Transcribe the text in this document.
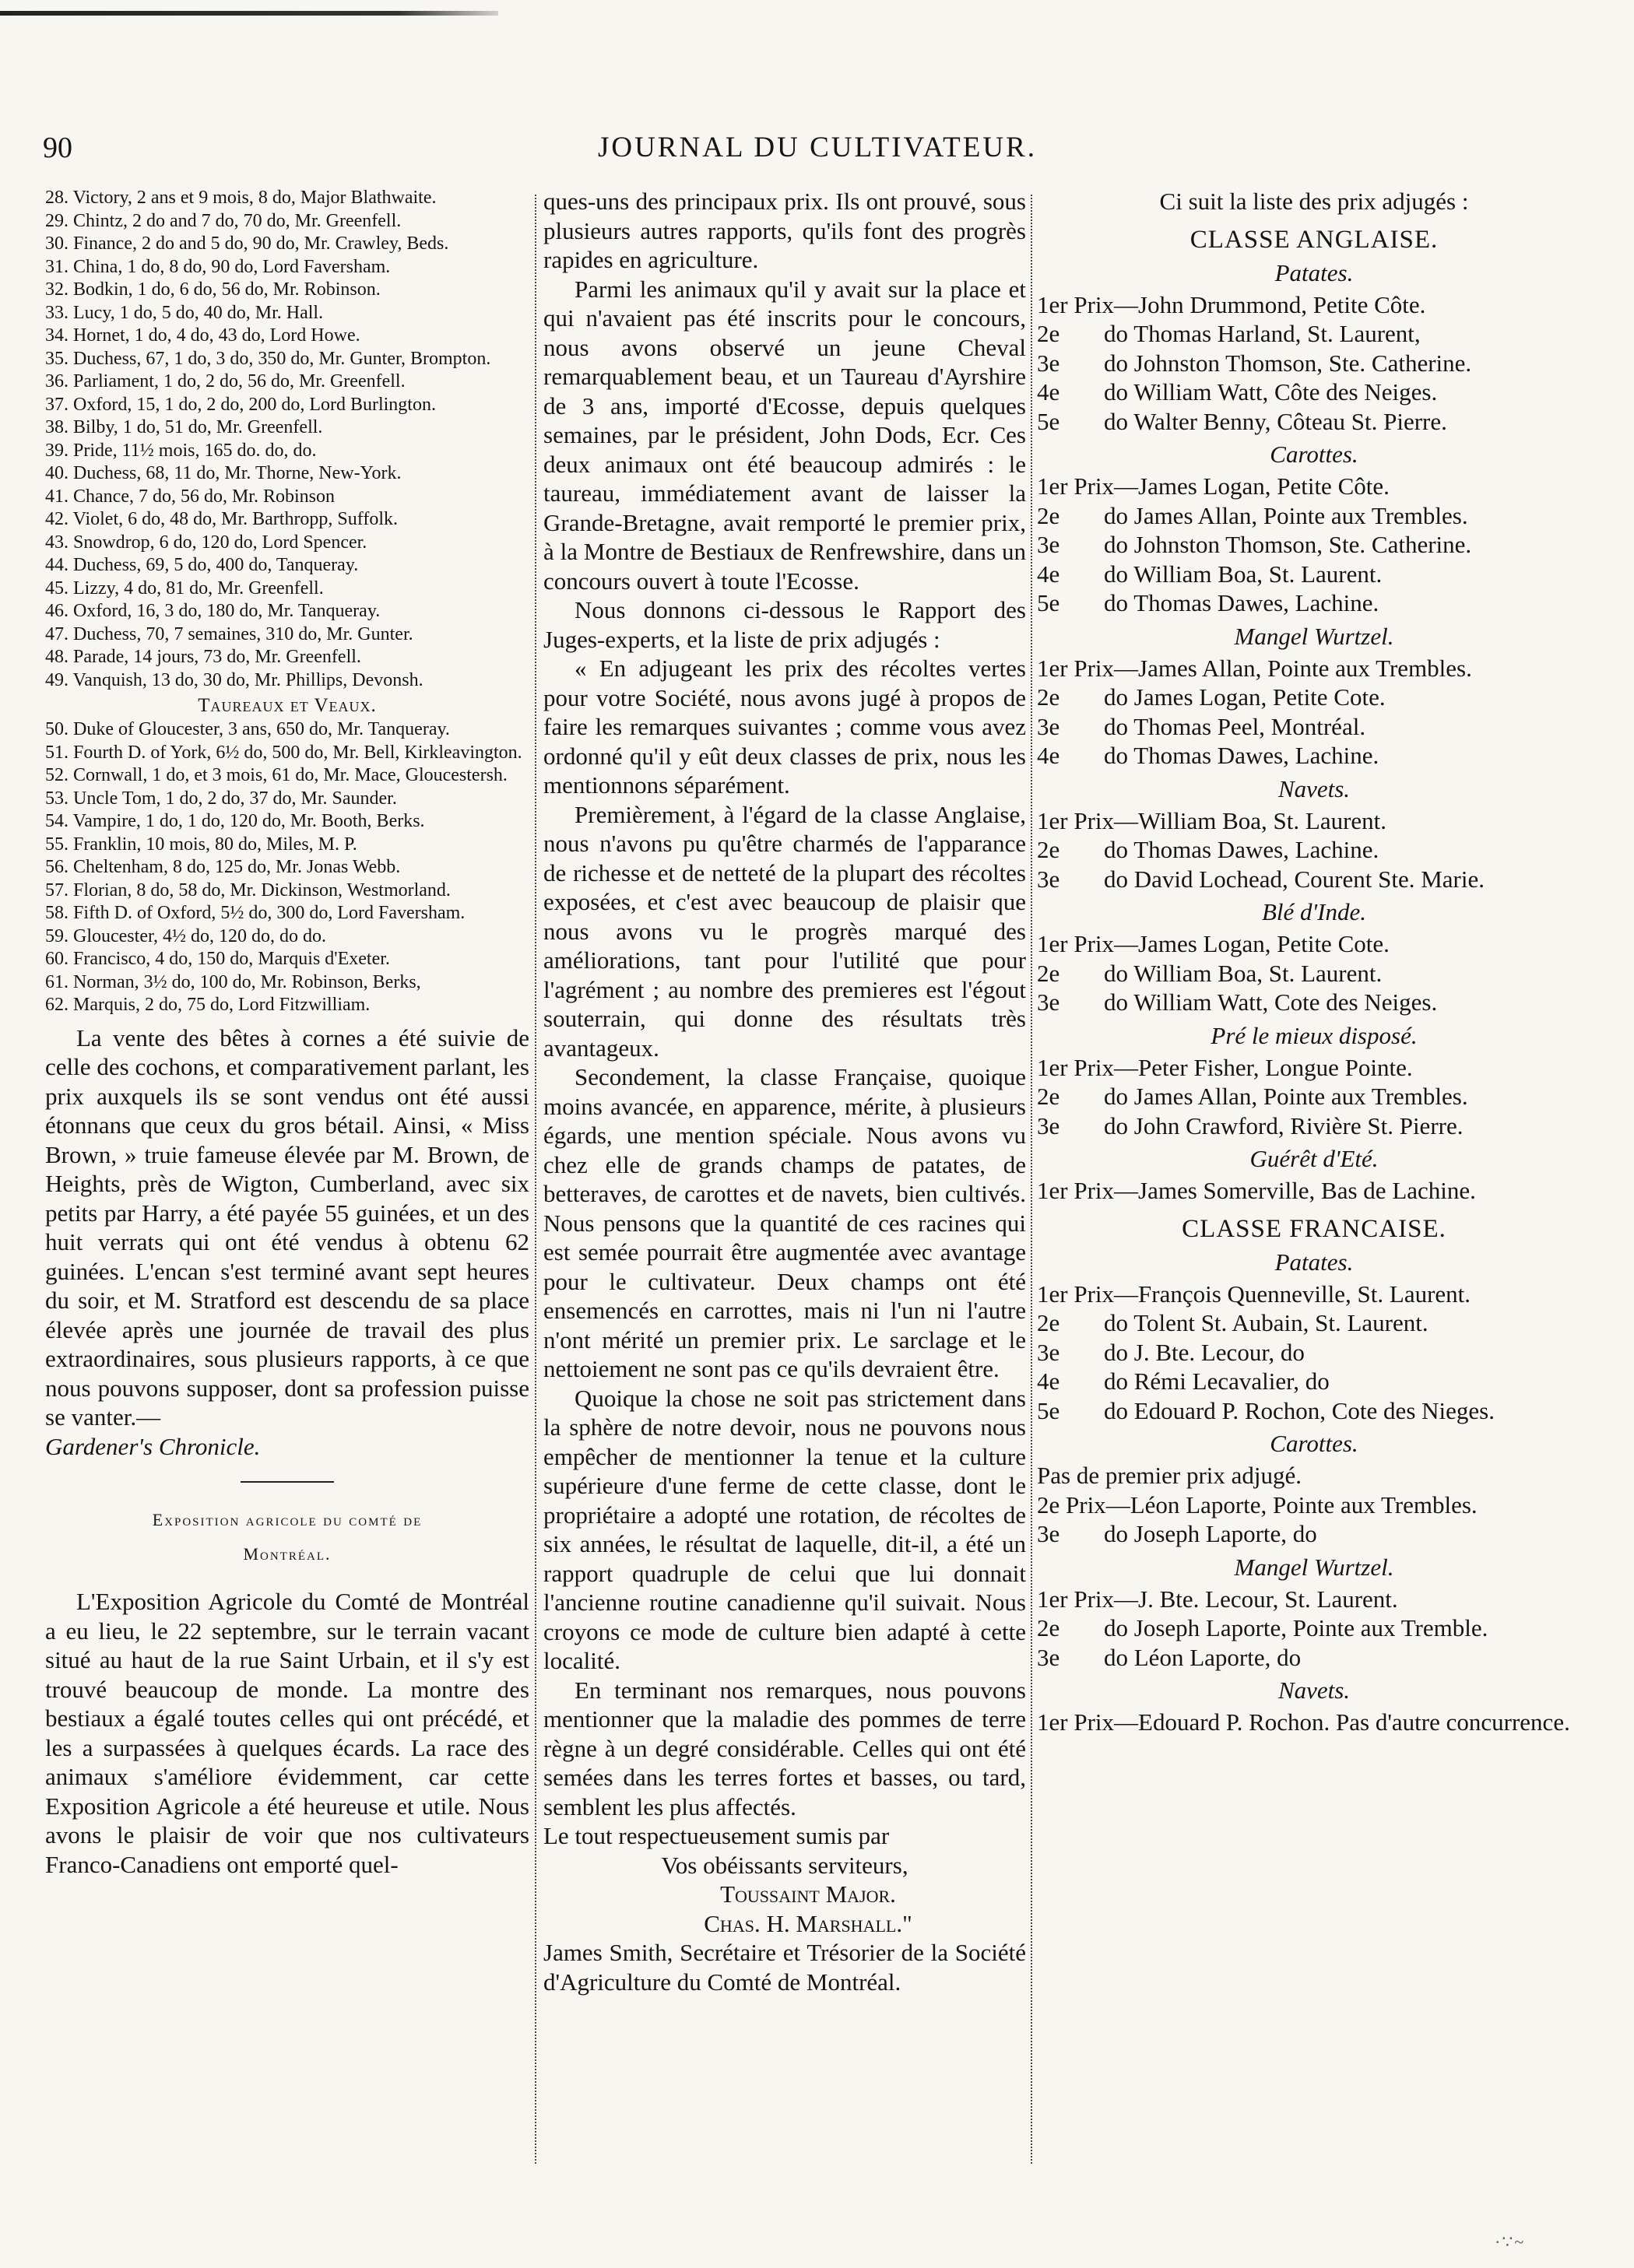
90	JOURNAL DU CULTIVATEUR.
28. Victory, 2 ans et 9 mois, 8 do, Major Blathwaite.
29. Chintz, 2 do and 7 do, 70 do, Mr. Greenfell.
30. Finance, 2 do and 5 do, 90 do, Mr. Crawley, Beds.
31. China, 1 do, 8 do, 90 do, Lord Faversham.
32. Bodkin, 1 do, 6 do, 56 do, Mr. Robinson.
33. Lucy, 1 do, 5 do, 40 do, Mr. Hall.
34. Hornet, 1 do, 4 do, 43 do, Lord Howe.
35. Duchess, 67, 1 do, 3 do, 350 do, Mr. Gunter, Brompton.
36. Parliament, 1 do, 2 do, 56 do, Mr. Greenfell.
37. Oxford, 15, 1 do, 2 do, 200 do, Lord Burlington.
38. Bilby, 1 do, 51 do, Mr. Greenfell.
39. Pride, 11½ mois, 165 do. do, do.
40. Duchess, 68, 11 do, Mr. Thorne, New-York.
41. Chance, 7 do, 56 do, Mr. Robinson
42. Violet, 6 do, 48 do, Mr. Barthropp, Suffolk.
43. Snowdrop, 6 do, 120 do, Lord Spencer.
44. Duchess, 69, 5 do, 400 do, Tanqueray.
45. Lizzy, 4 do, 81 do, Mr. Greenfell.
46. Oxford, 16, 3 do, 180 do, Mr. Tanqueray.
47. Duchess, 70, 7 semaines, 310 do, Mr. Gunter.
48. Parade, 14 jours, 73 do, Mr. Greenfell.
49. Vanquish, 13 do, 30 do, Mr. Phillips, Devonsh.
Taureaux et Veaux.
50. Duke of Gloucester, 3 ans, 650 do, Mr. Tanqueray.
51. Fourth D. of York, 6½ do, 500 do, Mr. Bell, Kirkleavington.
52. Cornwall, 1 do, et 3 mois, 61 do, Mr. Mace, Gloucestersh.
53. Uncle Tom, 1 do, 2 do, 37 do, Mr. Saunder.
54. Vampire, 1 do, 1 do, 120 do, Mr. Booth, Berks.
55. Franklin, 10 mois, 80 do, Miles, M. P.
56. Cheltenham, 8 do, 125 do, Mr. Jonas Webb.
57. Florian, 8 do, 58 do, Mr. Dickinson, Westmorland.
58. Fifth D. of Oxford, 5½ do, 300 do, Lord Faversham.
59. Gloucester, 4½ do, 120 do, do do.
60. Francisco, 4 do, 150 do, Marquis d'Exeter.
61. Norman, 3½ do, 100 do, Mr. Robinson, Berks,
62. Marquis, 2 do, 75 do, Lord Fitzwilliam.

La vente des bêtes à cornes a été suivie de celle des cochons, et comparativement parlant, les prix auxquels ils se sont vendus ont été aussi étonnans que ceux du gros bétail. Ainsi, « Miss Brown, » truie fameuse élevée par M. Brown, de Heights, près de Wigton, Cumberland, avec six petits par Harry, a été payée 55 guinées, et un des huit verrats qui ont été vendus à obtenu 62 guinées. L'encan s'est terminé avant sept heures du soir, et M. Stratford est descendu de sa place élevée après une journée de travail des plus extraordinaires, sous plusieurs rapports, à ce que nous pouvons supposer, dont sa profession puisse se vanter.—

Gardener's Chronicle.

Exposition agricole du comté de
Montréal.

L'Exposition Agricole du Comté de Montréal a eu lieu, le 22 septembre, sur le terrain vacant situé au haut de la rue Saint Urbain, et il s'y est trouvé beaucoup de monde. La montre des bestiaux a égalé toutes celles qui ont précédé, et les a surpassées à quelques écards. La race des animaux s'améliore évidemment, car cette Exposition Agricole a été heureuse et utile. Nous avons le plaisir de voir que nos cultivateurs Franco-Canadiens ont emporté quel-

ques-uns des principaux prix. Ils ont prouvé, sous plusieurs autres rapports, qu'ils font des progrès rapides en agriculture.

Parmi les animaux qu'il y avait sur la place et qui n'avaient pas été inscrits pour le concours, nous avons observé un jeune Cheval remarquablement beau, et un Taureau d'Ayrshire de 3 ans, importé d'Ecosse, depuis quelques semaines, par le président, John Dods, Ecr. Ces deux animaux ont été beaucoup admirés : le taureau, immédiatement avant de laisser la Grande-Bretagne, avait remporté le premier prix, à la Montre de Bestiaux de Renfrewshire, dans un concours ouvert à toute l'Ecosse.

Nous donnons ci-dessous le Rapport des Juges-experts, et la liste de prix adjugés :

« En adjugeant les prix des récoltes vertes pour votre Société, nous avons jugé à propos de faire les remarques suivantes ; comme vous avez ordonné qu'il y eût deux classes de prix, nous les mentionnons séparément.

Premièrement, à l'égard de la classe Anglaise, nous n'avons pu qu'être charmés de l'apparance de richesse et de netteté de la plupart des récoltes exposées, et c'est avec beaucoup de plaisir que nous avons vu le progrès marqué des améliorations, tant pour l'utilité que pour l'agrément ; au nombre des premieres est l'égout souterrain, qui donne des résultats très avantageux.

Secondement, la classe Française, quoique moins avancée, en apparence, mérite, à plusieurs égards, une mention spéciale. Nous avons vu chez elle de grands champs de patates, de betteraves, de carottes et de navets, bien cultivés. Nous pensons que la quantité de ces racines qui est semée pourrait être augmentée avec avantage pour le cultivateur. Deux champs ont été ensemencés en carrottes, mais ni l'un ni l'autre n'ont mérité un premier prix. Le sarclage et le nettoiement ne sont pas ce qu'ils devraient être.

Quoique la chose ne soit pas strictement dans la sphère de notre devoir, nous ne pouvons nous empêcher de mentionner la tenue et la culture supérieure d'une ferme de cette classe, dont le propriétaire a adopté une rotation, de récoltes de six années, le résultat de laquelle, dit-il, a été un rapport quadruple de celui que lui donnait l'ancienne routine canadienne qu'il suivait. Nous croyons ce mode de culture bien adapté à cette localité.

En terminant nos remarques, nous pouvons mentionner que la maladie des pommes de terre règne à un degré considérable. Celles qui ont été semées dans les terres fortes et basses, ou tard, semblent les plus affectés.

Le tout respectueusement sumis par

Vos obéissants serviteurs,
Toussaint Major.
Chas. H. Marshall."

James Smith, Secrétaire et Trésorier de la Société d'Agriculture du Comté de Montréal.

Ci suit la liste des prix adjugés :
CLASSE ANGLAISE.
Patates.
1er Prix —John Drummond, Petite Côte.
2e	do Thomas Harland, St. Laurent,
3e	do Johnston Thomson, Ste. Catherine.
4e	do William Watt, Côte des Neiges.
5e	do Walter Benny, Côteau St. Pierre.
Carottes.
1er Prix —James Logan, Petite Côte.
2e	do James Allan, Pointe aux Trembles.
3e	do Johnston Thomson, Ste. Catherine.
4e	do William Boa, St. Laurent.
5e	do Thomas Dawes, Lachine.
Mangel Wurtzel.
1er Prix —James Allan, Pointe aux Trembles.
2e	do James Logan, Petite Cote.
3e	do Thomas Peel, Montréal.
4e	do Thomas Dawes, Lachine.
Navets.
1er Prix —William Boa, St. Laurent.
2e	do Thomas Dawes, Lachine.
3e	do David Lochead, Courent Ste. Marie.
Blé d'Inde.
1er Prix —James Logan, Petite Cote.
2e	do William Boa, St. Laurent.
3e	do William Watt, Cote des Neiges.
Pré le mieux disposé.
1er Prix —Peter Fisher, Longue Pointe.
2e	do James Allan, Pointe aux Trembles.
3e	do John Crawford, Rivière St. Pierre.
Guérêt d'Eté.
1er Prix —James Somerville, Bas de Lachine.
CLASSE FRANCAISE.
Patates.
1er Prix —François Quenneville, St. Laurent.
2e	do Tolent St. Aubain, St. Laurent.
3e	do J. Bte. Lecour, do
4e	do Rémi Lecavalier, do
5e	do Edouard P. Rochon, Cote des Nieges.
Carottes.
Pas de premier prix adjugé.
2e Prix —Léon Laporte, Pointe aux Trembles.
3e	do Joseph Laporte, do
Mangel Wurtzel.
1er Prix —J. Bte. Lecour, St. Laurent.
2e	do Joseph Laporte, Pointe aux Tremble.
3e	do Léon Laporte, do
Navets.
1er Prix —Edouard P. Rochon. Pas d'autre concurrence.
·∵~
